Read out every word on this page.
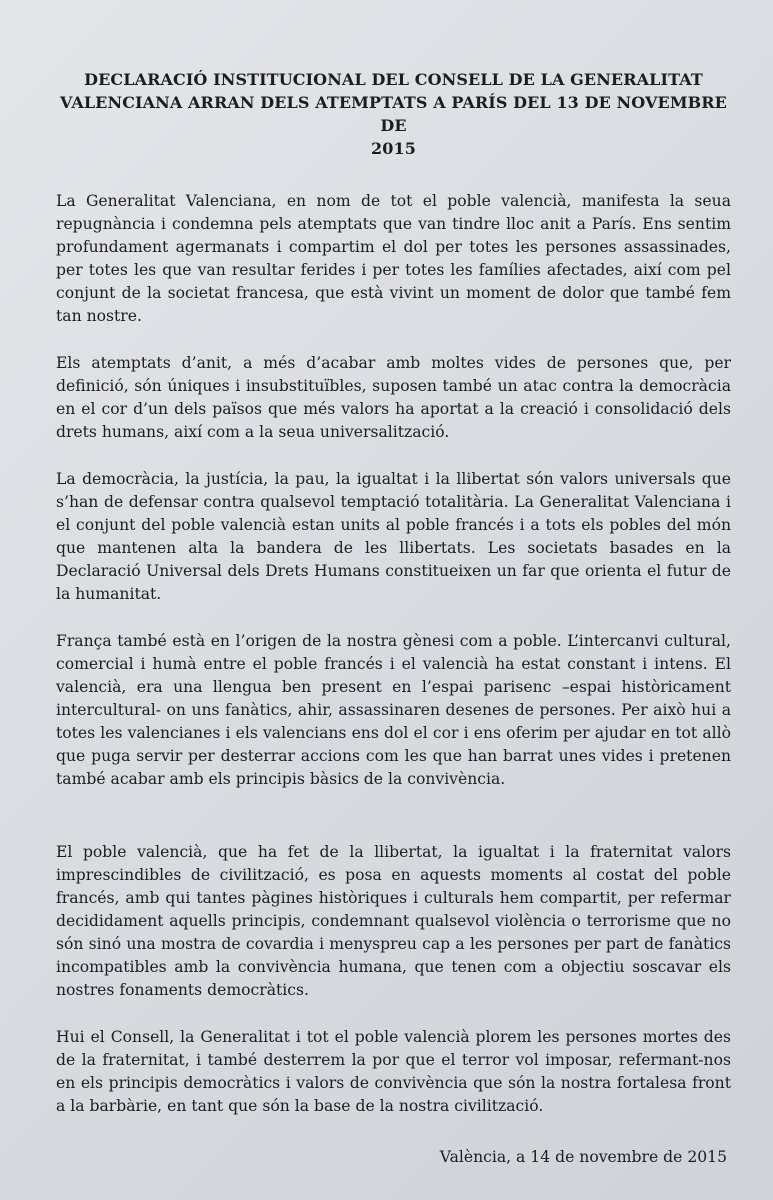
DECLARACIÓ INSTITUCIONAL DEL CONSELL DE LA GENERALITAT
VALENCIANA ARRAN DELS ATEMPTATS A PARÍS DEL 13 DE NOVEMBRE DE
2015

La Generalitat Valenciana, en nom de tot el poble valencià, manifesta la seua repugnància i condemna pels atemptats que van tindre lloc anit a París. Ens sentim profundament agermanats i compartim el dol per totes les persones assassinades, per totes les que van resultar ferides i per totes les famílies afectades, així com pel conjunt de la societat francesa, que està vivint un moment de dolor que també fem tan nostre.

Els atemptats d’anit, a més d’acabar amb moltes vides de persones que, per definició, són úniques i insubstituïbles, suposen també un atac contra la democràcia en el cor d’un dels països que més valors ha aportat a la creació i consolidació dels drets humans, així com a la seua universalització.

La democràcia, la justícia, la pau, la igualtat i la llibertat són valors universals que s’han de defensar contra qualsevol temptació totalitària. La Generalitat Valenciana i el conjunt del poble valencià estan units al poble francés i a tots els pobles del món que mantenen alta la bandera de les llibertats. Les societats basades en la Declaració Universal dels Drets Humans constitueixen un far que orienta el futur de la humanitat.

França també està en l’origen de la nostra gènesi com a poble. L’intercanvi cultural, comercial i humà entre el poble francés i el valencià ha estat constant i intens. El valencià, era una llengua ben present en l’espai parisenc –espai històricament intercultural- on uns fanàtics, ahir, assassinaren desenes de persones. Per això hui a totes les valencianes i els valencians ens dol el cor i ens oferim per ajudar en tot allò que puga servir per desterrar accions com les que han barrat unes vides i pretenen també acabar amb els principis bàsics de la convivència.

El poble valencià, que ha fet de la llibertat, la igualtat i la fraternitat valors imprescindibles de civilització, es posa en aquests moments al costat del poble francés, amb qui tantes pàgines històriques i culturals hem compartit, per refermar decididament aquells principis, condemnant qualsevol violència o terrorisme que no són sinó una mostra de covardia i menyspreu cap a les persones per part de fanàtics incompatibles amb la convivència humana, que tenen com a objectiu soscavar els nostres fonaments democràtics.

Hui el Consell, la Generalitat i tot el poble valencià plorem les persones mortes des de la fraternitat, i també desterrem la por que el terror vol imposar, refermant-nos en els principis democràtics i valors de convivència que són la nostra fortalesa front a la barbàrie, en tant que són la base de la nostra civilització.

València, a 14 de novembre de 2015
